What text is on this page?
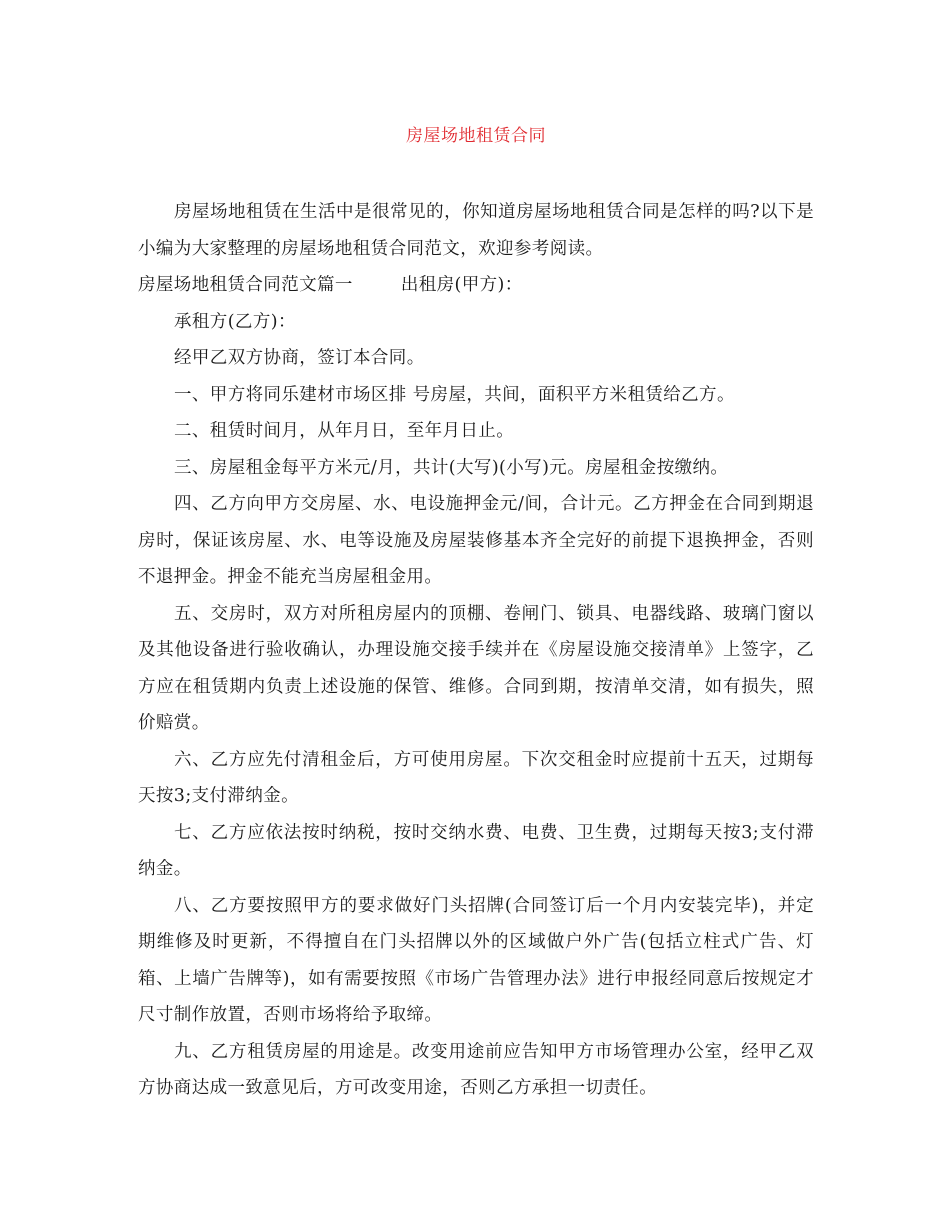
房屋场地租赁合同

房屋场地租赁在生活中是很常见的，你知道房屋场地租赁合同是怎样的吗?以下是小编为大家整理的房屋场地租赁合同范文，欢迎参考阅读。

房屋场地租赁合同范文篇一	出租房(甲方)：

承租方(乙方)：

经甲乙双方协商，签订本合同。

一、甲方将同乐建材市场区排 号房屋，共间，面积平方米租赁给乙方。

二、租赁时间月，从年月日，至年月日止。

三、房屋租金每平方米元/月，共计(大写)(小写)元。房屋租金按缴纳。

四、乙方向甲方交房屋、水、电设施押金元/间，合计元。乙方押金在合同到期退房时，保证该房屋、水、电等设施及房屋装修基本齐全完好的前提下退换押金，否则不退押金。押金不能充当房屋租金用。

五、交房时，双方对所租房屋内的顶棚、卷闸门、锁具、电器线路、玻璃门窗以及其他设备进行验收确认，办理设施交接手续并在《房屋设施交接清单》上签字，乙方应在租赁期内负责上述设施的保管、维修。合同到期，按清单交清，如有损失，照价赔赏。

六、乙方应先付清租金后，方可使用房屋。下次交租金时应提前十五天，过期每天按3;支付滞纳金。

七、乙方应依法按时纳税，按时交纳水费、电费、卫生费，过期每天按3;支付滞纳金。

八、乙方要按照甲方的要求做好门头招牌(合同签订后一个月内安装完毕)，并定期维修及时更新，不得擅自在门头招牌以外的区域做户外广告(包括立柱式广告、灯箱、上墙广告牌等)，如有需要按照《市场广告管理办法》进行申报经同意后按规定才尺寸制作放置，否则市场将给予取缔。

九、乙方租赁房屋的用途是。改变用途前应告知甲方市场管理办公室，经甲乙双方协商达成一致意见后，方可改变用途，否则乙方承担一切责任。
